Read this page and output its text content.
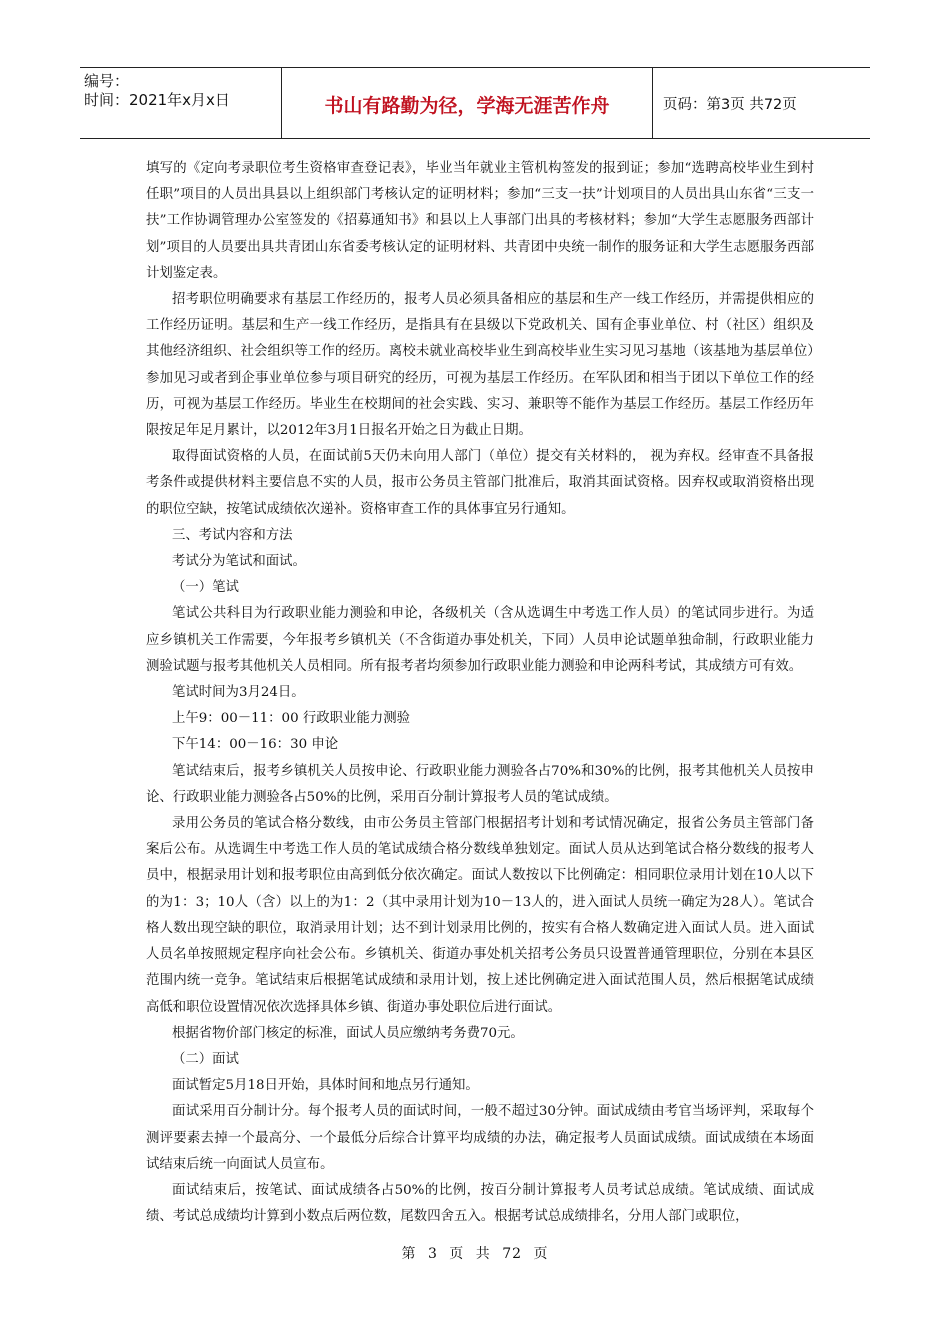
编号：
时间：2021年x月x日	书山有路勤为径，学海无涯苦作舟	页码：第3页 共72页

填写的《定向考录职位考生资格审查登记表》，毕业当年就业主管机构签发的报到证；参加“选聘高校毕业生到村任职”项目的人员出具县以上组织部门考核认定的证明材料；参加“三支一扶”计划项目的人员出具山东省“三支一扶”工作协调管理办公室签发的《招募通知书》和县以上人事部门出具的考核材料；参加“大学生志愿服务西部计划”项目的人员要出具共青团山东省委考核认定的证明材料、共青团中央统一制作的服务证和大学生志愿服务西部计划鉴定表。

招考职位明确要求有基层工作经历的，报考人员必须具备相应的基层和生产一线工作经历，并需提供相应的工作经历证明。基层和生产一线工作经历，是指具有在县级以下党政机关、国有企事业单位、村（社区）组织及其他经济组织、社会组织等工作的经历。离校未就业高校毕业生到高校毕业生实习见习基地（该基地为基层单位）参加见习或者到企事业单位参与项目研究的经历，可视为基层工作经历。在军队团和相当于团以下单位工作的经历，可视为基层工作经历。毕业生在校期间的社会实践、实习、兼职等不能作为基层工作经历。基层工作经历年限按足年足月累计，以2012年3月1日报名开始之日为截止日期。

取得面试资格的人员，在面试前5天仍未向用人部门（单位）提交有关材料的， 视为弃权。经审查不具备报考条件或提供材料主要信息不实的人员，报市公务员主管部门批准后，取消其面试资格。因弃权或取消资格出现的职位空缺，按笔试成绩依次递补。资格审查工作的具体事宜另行通知。

三、考试内容和方法

考试分为笔试和面试。

（一）笔试

笔试公共科目为行政职业能力测验和申论，各级机关（含从选调生中考选工作人员）的笔试同步进行。为适应乡镇机关工作需要，今年报考乡镇机关（不含街道办事处机关，下同）人员申论试题单独命制，行政职业能力测验试题与报考其他机关人员相同。所有报考者均须参加行政职业能力测验和申论两科考试，其成绩方可有效。

笔试时间为3月24日。

上午9：00－11：00 行政职业能力测验

下午14：00－16：30 申论

笔试结束后，报考乡镇机关人员按申论、行政职业能力测验各占70%和30%的比例，报考其他机关人员按申论、行政职业能力测验各占50%的比例，采用百分制计算报考人员的笔试成绩。

录用公务员的笔试合格分数线，由市公务员主管部门根据招考计划和考试情况确定，报省公务员主管部门备案后公布。从选调生中考选工作人员的笔试成绩合格分数线单独划定。面试人员从达到笔试合格分数线的报考人员中，根据录用计划和报考职位由高到低分依次确定。面试人数按以下比例确定：相同职位录用计划在10人以下的为1：3；10人（含）以上的为1：2（其中录用计划为10－13人的，进入面试人员统一确定为28人）。笔试合格人数出现空缺的职位，取消录用计划；达不到计划录用比例的，按实有合格人数确定进入面试人员。进入面试人员名单按照规定程序向社会公布。乡镇机关、街道办事处机关招考公务员只设置普通管理职位，分别在本县区范围内统一竞争。笔试结束后根据笔试成绩和录用计划，按上述比例确定进入面试范围人员，然后根据笔试成绩高低和职位设置情况依次选择具体乡镇、街道办事处职位后进行面试。

根据省物价部门核定的标准，面试人员应缴纳考务费70元。

（二）面试

面试暂定5月18日开始，具体时间和地点另行通知。

面试采用百分制计分。每个报考人员的面试时间，一般不超过30分钟。面试成绩由考官当场评判，采取每个测评要素去掉一个最高分、一个最低分后综合计算平均成绩的办法，确定报考人员面试成绩。面试成绩在本场面试结束后统一向面试人员宣布。

面试结束后，按笔试、面试成绩各占50%的比例，按百分制计算报考人员考试总成绩。笔试成绩、面试成绩、考试总成绩均计算到小数点后两位数，尾数四舍五入。根据考试总成绩排名，分用人部门或职位，

第 3 页 共 72 页
